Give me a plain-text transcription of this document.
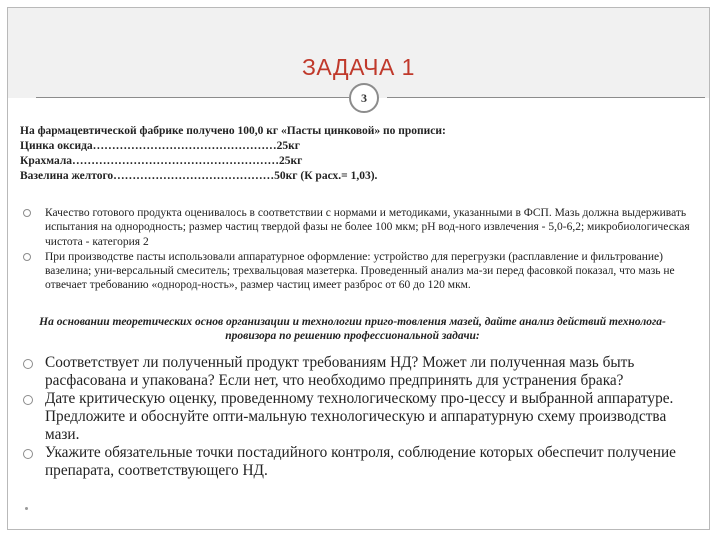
ЗАДАЧА 1
3
На фармацевтической фабрике получено 100,0 кг «Пасты цинковой» по прописи:
Цинка оксида…………………………………………25кг
Крахмала………………………………………………25кг
Вазелина желтого……………………………………50кг (К расх.= 1,03).
Качество готового продукта оценивалось в соответствии с нормами и методиками, указанными в ФСП. Мазь должна выдерживать испытания на однородность; размер частиц твердой фазы не более 100 мкм; рН вод-ного извлечения - 5,0-6,2; микробиологическая чистота - категория 2
При производстве пасты использовали аппаратурное оформление: устройство для перегрузки (расплавление и фильтрование) вазелина; уни-версальный смеситель; трехвальцовая мазетерка. Проведенный анализ ма-зи перед фасовкой показал, что мазь не отвечает требованию «однород-ность», размер частиц имеет разброс от 60 до 120 мкм.
На основании теоретических основ организации и технологии приго-товления мазей, дайте анализ действий технолога-провизора по решению профессиональной задачи:
Соответствует ли полученный продукт требованиям НД? Может ли полученная мазь быть расфасована и упакована? Если нет, что необходимо предпринять для устранения брака?
Дате критическую оценку, проведенному технологическому про-цессу и выбранной аппаратуре. Предложите и обоснуйте опти-мальную технологическую и аппаратурную схему производства мази.
Укажите обязательные точки постадийного контроля, соблюдение которых обеспечит получение препарата, соответствующего НД.
